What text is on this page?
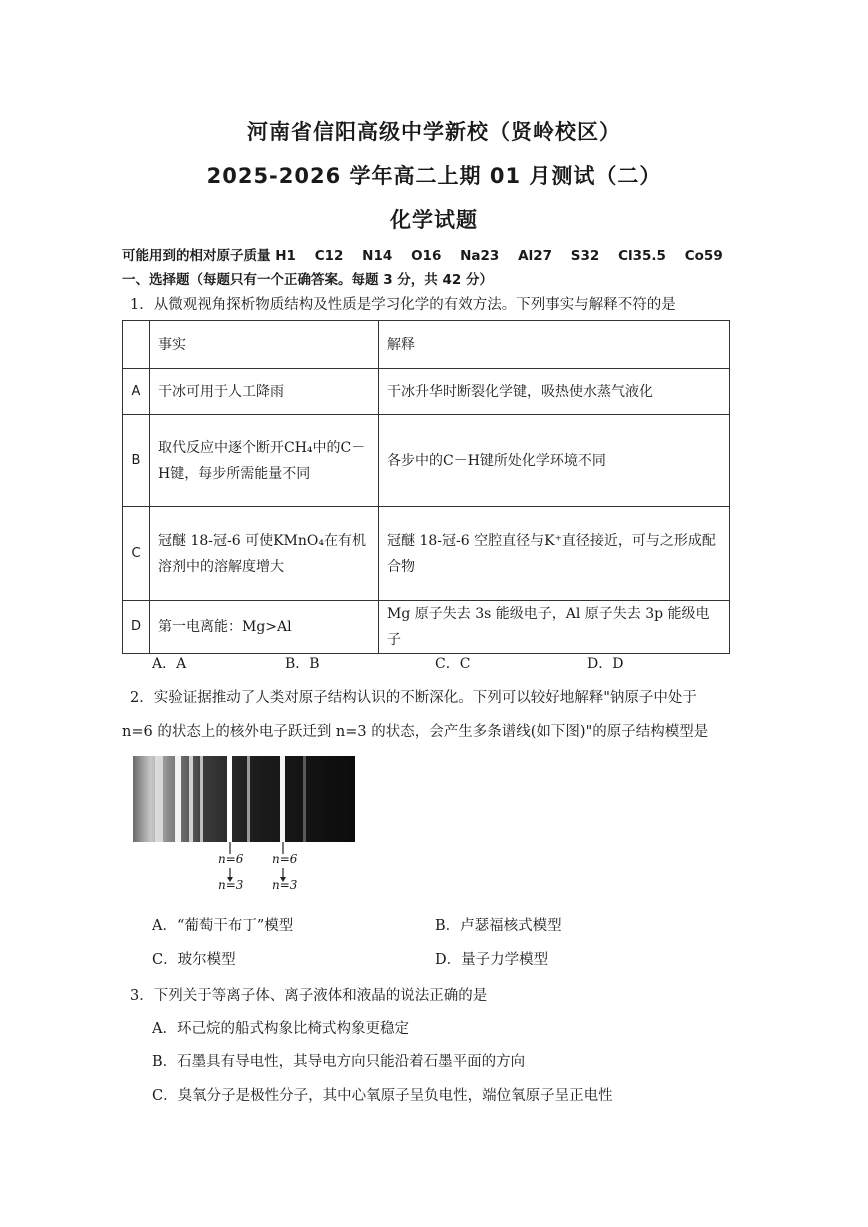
河南省信阳高级中学新校（贤岭校区）
2025-2026 学年高二上期 01 月测试（二）
化学试题
可能用到的相对原子质量 H1    C12    N14    O16    Na23    Al27    S32    Cl35.5    Co59
一、选择题（每题只有一个正确答案。每题 3 分，共 42 分）
1．从微观视角探析物质结构及性质是学习化学的有效方法。下列事实与解释不符的是
	事实	解释
A	干冰可用于人工降雨	干冰升华时断裂化学键，吸热使水蒸气液化
B	取代反应中逐个断开CH₄中的C－H键，每步所需能量不同	各步中的C－H键所处化学环境不同
C	冠醚 18-冠-6 可使KMnO₄在有机溶剂中的溶解度增大	冠醚 18-冠-6 空腔直径与K⁺直径接近，可与之形成配合物
D	第一电离能：Mg>Al	Mg 原子失去 3s 能级电子，Al 原子失去 3p 能级电子
A．A	B．B	C．C	D．D
2．实验证据推动了人类对原子结构认识的不断深化。下列可以较好地解释"钠原子中处于
n=6 的状态上的核外电子跃迁到 n=3 的状态，会产生多条谱线(如下图)"的原子结构模型是
n=6
n=3
n=6
n=3
A．“葡萄干布丁”模型	B．卢瑟福核式模型
C．玻尔模型	D．量子力学模型
3．下列关于等离子体、离子液体和液晶的说法正确的是
A．环己烷的船式构象比椅式构象更稳定
B．石墨具有导电性，其导电方向只能沿着石墨平面的方向
C．臭氧分子是极性分子，其中心氧原子呈负电性，端位氧原子呈正电性
